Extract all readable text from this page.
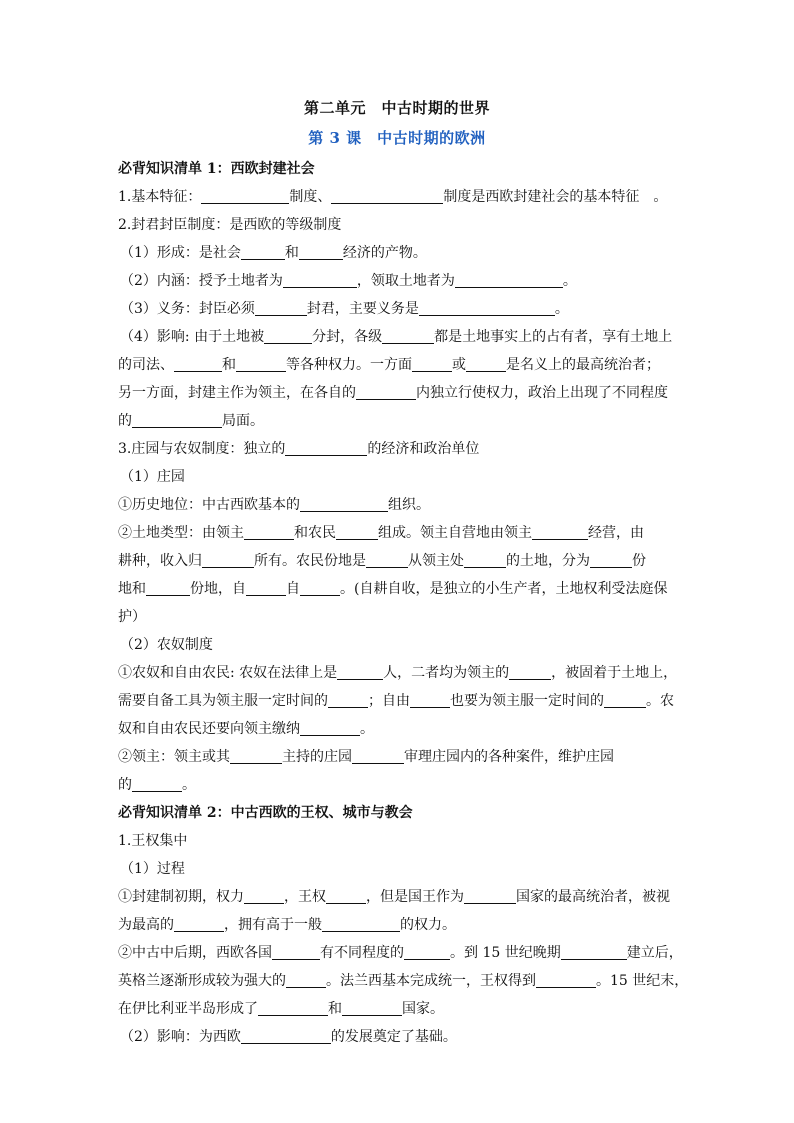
第二单元　中古时期的世界
第 3 课　中古时期的欧洲
必背知识清单 1：西欧封建社会
1.基本特征：	制度、	制度是西欧封建社会的基本特征　。
2.封君封臣制度：是西欧的等级制度
（1）形成：是社会	和	经济的产物。
（2）内涵：授予土地者为	，领取土地者为	。
（3）义务：封臣必须	封君，主要义务是	。
（4）影响: 由于土地被	分封，各级	都是土地事实上的占有者，享有土地上
的司法、	和	等各种权力。一方面	或	是名义上的最高统治者；
另一方面，封建主作为领主，在各自的	内独立行使权力，政治上出现了不同程度
的	局面。
3.庄园与农奴制度：独立的	的经济和政治单位
（1）庄园
①历史地位：中古西欧基本的	组织。
②土地类型：由领主	和农民	组成。领主自营地由领主	经营，由
耕种，收入归	所有。农民份地是	从领主处	的土地，分为	份
地和	份地，自	自	。(自耕自收，是独立的小生产者，土地权利受法庭保
护）
（2）农奴制度
①农奴和自由农民: 农奴在法律上是	人，二者均为领主的	，被固着于土地上，
需要自备工具为领主服一定时间的	；自由	也要为领主服一定时间的	。农
奴和自由农民还要向领主缴纳	。
②领主：领主或其	主持的庄园	审理庄园内的各种案件，维护庄园
的	。
必背知识清单 2：中古西欧的王权、城市与教会
1.王权集中
（1）过程
①封建制初期，权力	，王权	，但是国王作为	国家的最高统治者，被视
为最高的	，拥有高于一般	的权力。
②中古中后期，西欧各国	有不同程度的	。到 15 世纪晚期	建立后，
英格兰逐渐形成较为强大的	。法兰西基本完成统一，王权得到	。15 世纪末，
在伊比利亚半岛形成了	和	国家。
（2）影响：为西欧	的发展奠定了基础。
